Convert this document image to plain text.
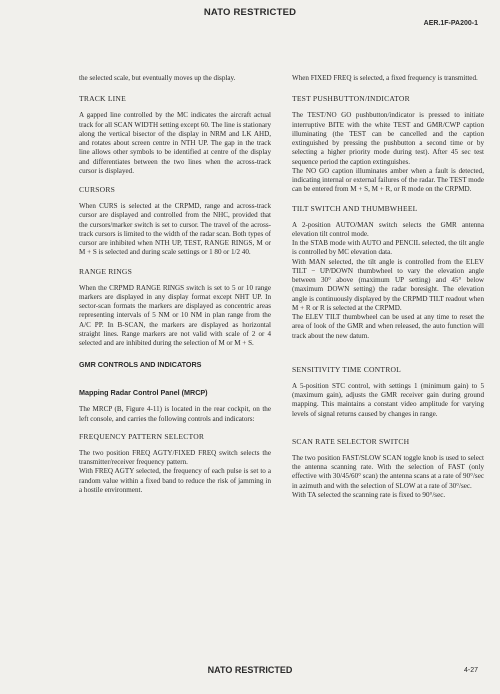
NATO RESTRICTED
AER.1F-PA200-1

the selected scale, but eventually moves up the display.

TRACK LINE

A gapped line controlled by the MC indicates the aircraft actual track for all SCAN WIDTH setting except 60. The line is stationary along the vertical bisector of the display in NRM and LK AHD, and rotates about screen centre in NTH UP. The gap in the track line allows other symbols to be identified at centre of the display and differentiates between the two lines when the across-track cursor is displayed.

CURSORS

When CURS is selected at the CRPMD, range and across-track cursor are displayed and controlled from the NHC, provided that the cursors/marker switch is set to cursor. The travel of the across-track cursors is limited to the width of the radar scan. Both types of cursor are inhibited when NTH UP, TEST, RANGE RINGS, M or M + S is selected and during scale settings or 1 80 or 1/2 40.

RANGE RINGS

When the CRPMD RANGE RINGS switch is set to 5 or 10 range markers are displayed in any display format except NHT UP. In sector-scan formats the markers are displayed as concentric areas representing intervals of 5 NM or 10 NM in plan range from the A/C PP. In B-SCAN, the markers are displayed as horizontal straight lines. Range markers are not valid with scale of 2 or 4 selected and are inhibited during the selection of M or M + S.

GMR CONTROLS AND INDICATORS
Mapping Radar Control Panel (MRCP)

The MRCP (B, Figure 4-11) is located in the rear cockpit, on the left console, and carries the following controls and indicators:

FREQUENCY PATTERN SELECTOR

The two position FREQ AGTY/FIXED FREQ switch selects the transmitter/receiver frequency pattern.

With FREQ AGTY selected, the frequency of each pulse is set to a random value within a fixed band to reduce the risk of jamming in a hostile environment.

When FIXED FREQ is selected, a fixed frequency is transmitted.

TEST PUSHBUTTON/INDICATOR

The TEST/NO GO pushbutton/indicator is pressed to initiate interruptive BITE with the white TEST and GMR/CWP caption illuminating (the TEST can be cancelled and the caption extinguished by pressing the pushbutton a second time or by selecting a higher priority mode during test). After 45 sec test sequence period the caption extinguishes.

The NO GO caption illuminates amber when a fault is detected, indicating internal or external failures of the radar. The TEST mode can be entered from M + S, M + R, or R mode on the CRPMD.

TILT SWITCH AND THUMBWHEEL

A 2-position AUTO/MAN switch selects the GMR antenna elevation tilt control mode.

In the STAB mode with AUTO and PENCIL selected, the tilt angle is controlled by MC elevation data.

With MAN selected, the tilt angle is controlled from the ELEV TILT − UP/DOWN thumbwheel to vary the elevation angle between 30° above (maximum UP setting) and 45° below (maximum DOWN setting) the radar boresight. The elevation angle is continuously displayed by the CRPMD TILT readout when M + R or R is selected at the CRPMD.

The ELEV TILT thumbwheel can be used at any time to reset the area of look of the GMR and when released, the auto function will track about the new datum.

SENSITIVITY TIME CONTROL

A 5-position STC control, with settings 1 (minimum gain) to 5 (maximum gain), adjusts the GMR receiver gain during ground mapping. This maintains a constant video amplitude for varying levels of signal returns caused by changes in range.

SCAN RATE SELECTOR SWITCH

The two position FAST/SLOW SCAN toggle knob is used to select the antenna scanning rate. With the selection of FAST (only effective with 30/45/60° scan) the antenna scans at a rate of 90°/sec in azimuth and with the selection of SLOW at a rate of 30°/sec.

With TA selected the scanning rate is fixed to 90°/sec.

NATO RESTRICTED	4-27
